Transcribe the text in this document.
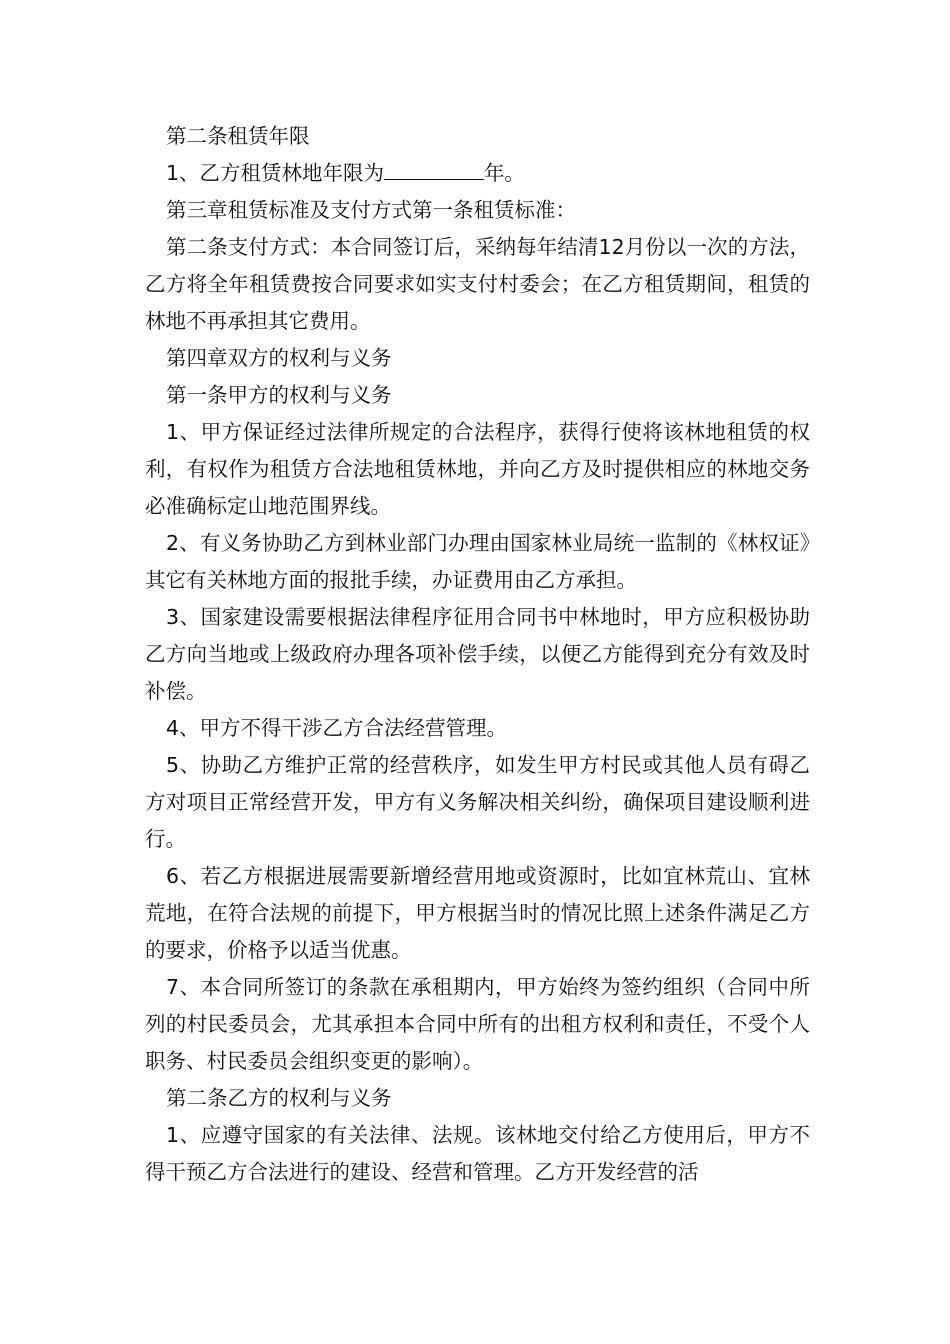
第二条租赁年限

1、乙方租赁林地年限为	年。

第三章租赁标准及支付方式第一条租赁标准：

第二条支付方式：本合同签订后，采纳每年结清12月份以一次的方法，乙方将全年租赁费按合同要求如实支付村委会；在乙方租赁期间，租赁的林地不再承担其它费用。

第四章双方的权利与义务

第一条甲方的权利与义务

1、甲方保证经过法律所规定的合法程序，获得行使将该林地租赁的权利，有权作为租赁方合法地租赁林地，并向乙方及时提供相应的林地交务必准确标定山地范围界线。

2、有义务协助乙方到林业部门办理由国家林业局统一监制的《林权证》其它有关林地方面的报批手续，办证费用由乙方承担。

3、国家建设需要根据法律程序征用合同书中林地时，甲方应积极协助乙方向当地或上级政府办理各项补偿手续，以便乙方能得到充分有效及时补偿。

4、甲方不得干涉乙方合法经营管理。

5、协助乙方维护正常的经营秩序，如发生甲方村民或其他人员有碍乙方对项目正常经营开发，甲方有义务解决相关纠纷，确保项目建设顺利进行。

6、若乙方根据进展需要新增经营用地或资源时，比如宜林荒山、宜林荒地，在符合法规的前提下，甲方根据当时的情况比照上述条件满足乙方的要求，价格予以适当优惠。

7、本合同所签订的条款在承租期内，甲方始终为签约组织（合同中所列的村民委员会，尤其承担本合同中所有的出租方权利和责任，不受个人职务、村民委员会组织变更的影响）。

第二条乙方的权利与义务

1、应遵守国家的有关法律、法规。该林地交付给乙方使用后，甲方不得干预乙方合法进行的建设、经营和管理。乙方开发经营的活
